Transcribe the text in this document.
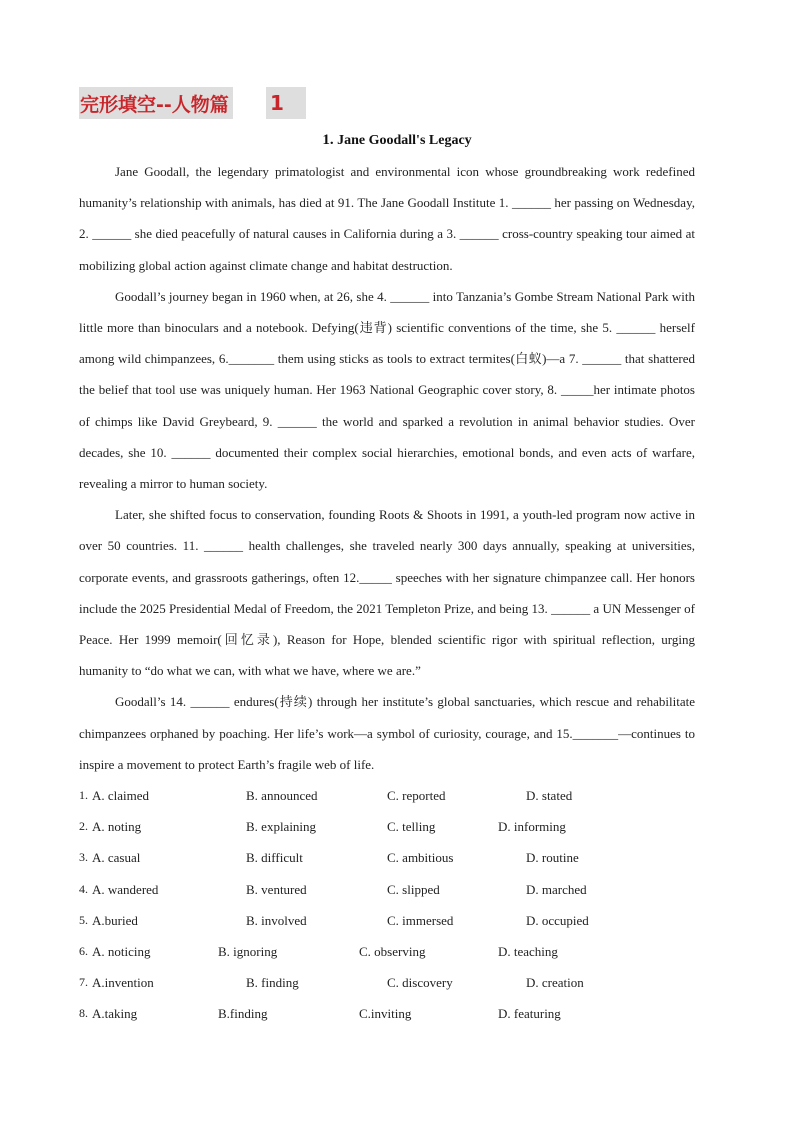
完形填空--人物篇 1
1. Jane Goodall's Legacy

Jane Goodall, the legendary primatologist and environmental icon whose groundbreaking work redefined humanity’s relationship with animals, has died at 91. The Jane Goodall Institute 1. ______ her passing on Wednesday, 2. ______ she died peacefully of natural causes in California during a 3. ______ cross-country speaking tour aimed at mobilizing global action against climate change and habitat destruction.

Goodall’s journey began in 1960 when, at 26, she 4. ______ into Tanzania’s Gombe Stream National Park with little more than binoculars and a notebook. Defying(违背) scientific conventions of the time, she 5. ______ herself among wild chimpanzees, 6._______ them using sticks as tools to extract termites(白蚁)—a 7. ______ that shattered the belief that tool use was uniquely human. Her 1963 National Geographic cover story, 8. _____her intimate photos of chimps like David Greybeard, 9. ______ the world and sparked a revolution in animal behavior studies. Over decades, she 10. ______ documented their complex social hierarchies, emotional bonds, and even acts of warfare, revealing a mirror to human society.

Later, she shifted focus to conservation, founding Roots & Shoots in 1991, a youth-led program now active in over 50 countries. 11. ______ health challenges, she traveled nearly 300 days annually, speaking at universities, corporate events, and grassroots gatherings, often 12._____ speeches with her signature chimpanzee call. Her honors include the 2025 Presidential Medal of Freedom, the 2021 Templeton Prize, and being 13. ______ a UN Messenger of Peace. Her 1999 memoir(回忆录), Reason for Hope, blended scientific rigor with spiritual reflection, urging humanity to “do what we can, with what we have, where we are.”

Goodall’s 14. ______ endures(持续) through her institute’s global sanctuaries, which rescue and rehabilitate chimpanzees orphaned by poaching. Her life’s work—a symbol of curiosity, courage, and 15._______—continues to inspire a movement to protect Earth’s fragile web of life.

1. A. claimed	B. announced	C. reported	D. stated
2. A. noting	B. explaining	C. telling	D. informing
3. A. casual	B. difficult	C. ambitious	D. routine
4. A. wandered	B. ventured	C. slipped	D. marched
5. A.buried	B. involved	C. immersed	D. occupied
6. A. noticing	B. ignoring	C. observing	D. teaching
7. A.invention	B. finding	C. discovery	D. creation
8. A.taking	B.finding	C.inviting	D. featuring
